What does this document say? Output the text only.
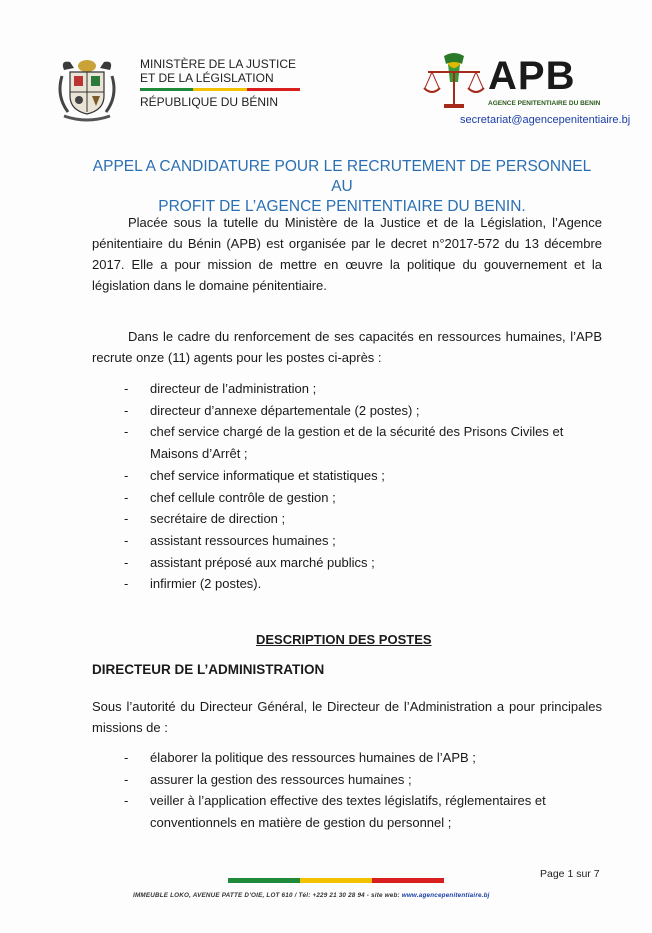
MINISTÈRE DE LA JUSTICE
ET DE LA LÉGISLATION
RÉPUBLIQUE DU BÉNIN
APB
AGENCE PENITENTIAIRE DU BENIN
secretariat@agencepenitentiaire.bj
APPEL A CANDIDATURE POUR LE RECRUTEMENT DE PERSONNEL AU
PROFIT DE L’AGENCE PENITENTIAIRE DU BENIN.

Placée sous la tutelle du Ministère de la Justice et de la Législation, l’Agence pénitentiaire du Bénin (APB) est organisée par le decret n°2017-572 du 13 décembre 2017. Elle a pour mission de mettre en œuvre la politique du gouvernement et la législation dans le domaine pénitentiaire.

Dans le cadre du renforcement de ses capacités en ressources humaines, l’APB recrute onze (11) agents pour les postes ci-après :

- directeur de l’administration ;
- directeur d’annexe départementale (2 postes) ;
- chef service chargé de la gestion et de la sécurité des Prisons Civiles et Maisons d’Arrêt ;
- chef service informatique et statistiques ;
- chef cellule contrôle de gestion ;
- secrétaire de direction ;
- assistant ressources humaines ;
- assistant préposé aux marché publics ;
- infirmier (2 postes).
DESCRIPTION DES POSTES
DIRECTEUR DE L’ADMINISTRATION

Sous l’autorité du Directeur Général, le Directeur de l’Administration a pour principales missions de :

- élaborer la politique des ressources humaines de l’APB ;
- assurer la gestion des ressources humaines ;
- veiller à l’application effective des textes législatifs, réglementaires et conventionnels en matière de gestion du personnel ;
Page 1 sur 7
IMMEUBLE LOKO, AVENUE PATTE D’OIE, LOT 610 / Tél: +229 21 30 28 94 - site web: www.agencepenitentiaire.bj
